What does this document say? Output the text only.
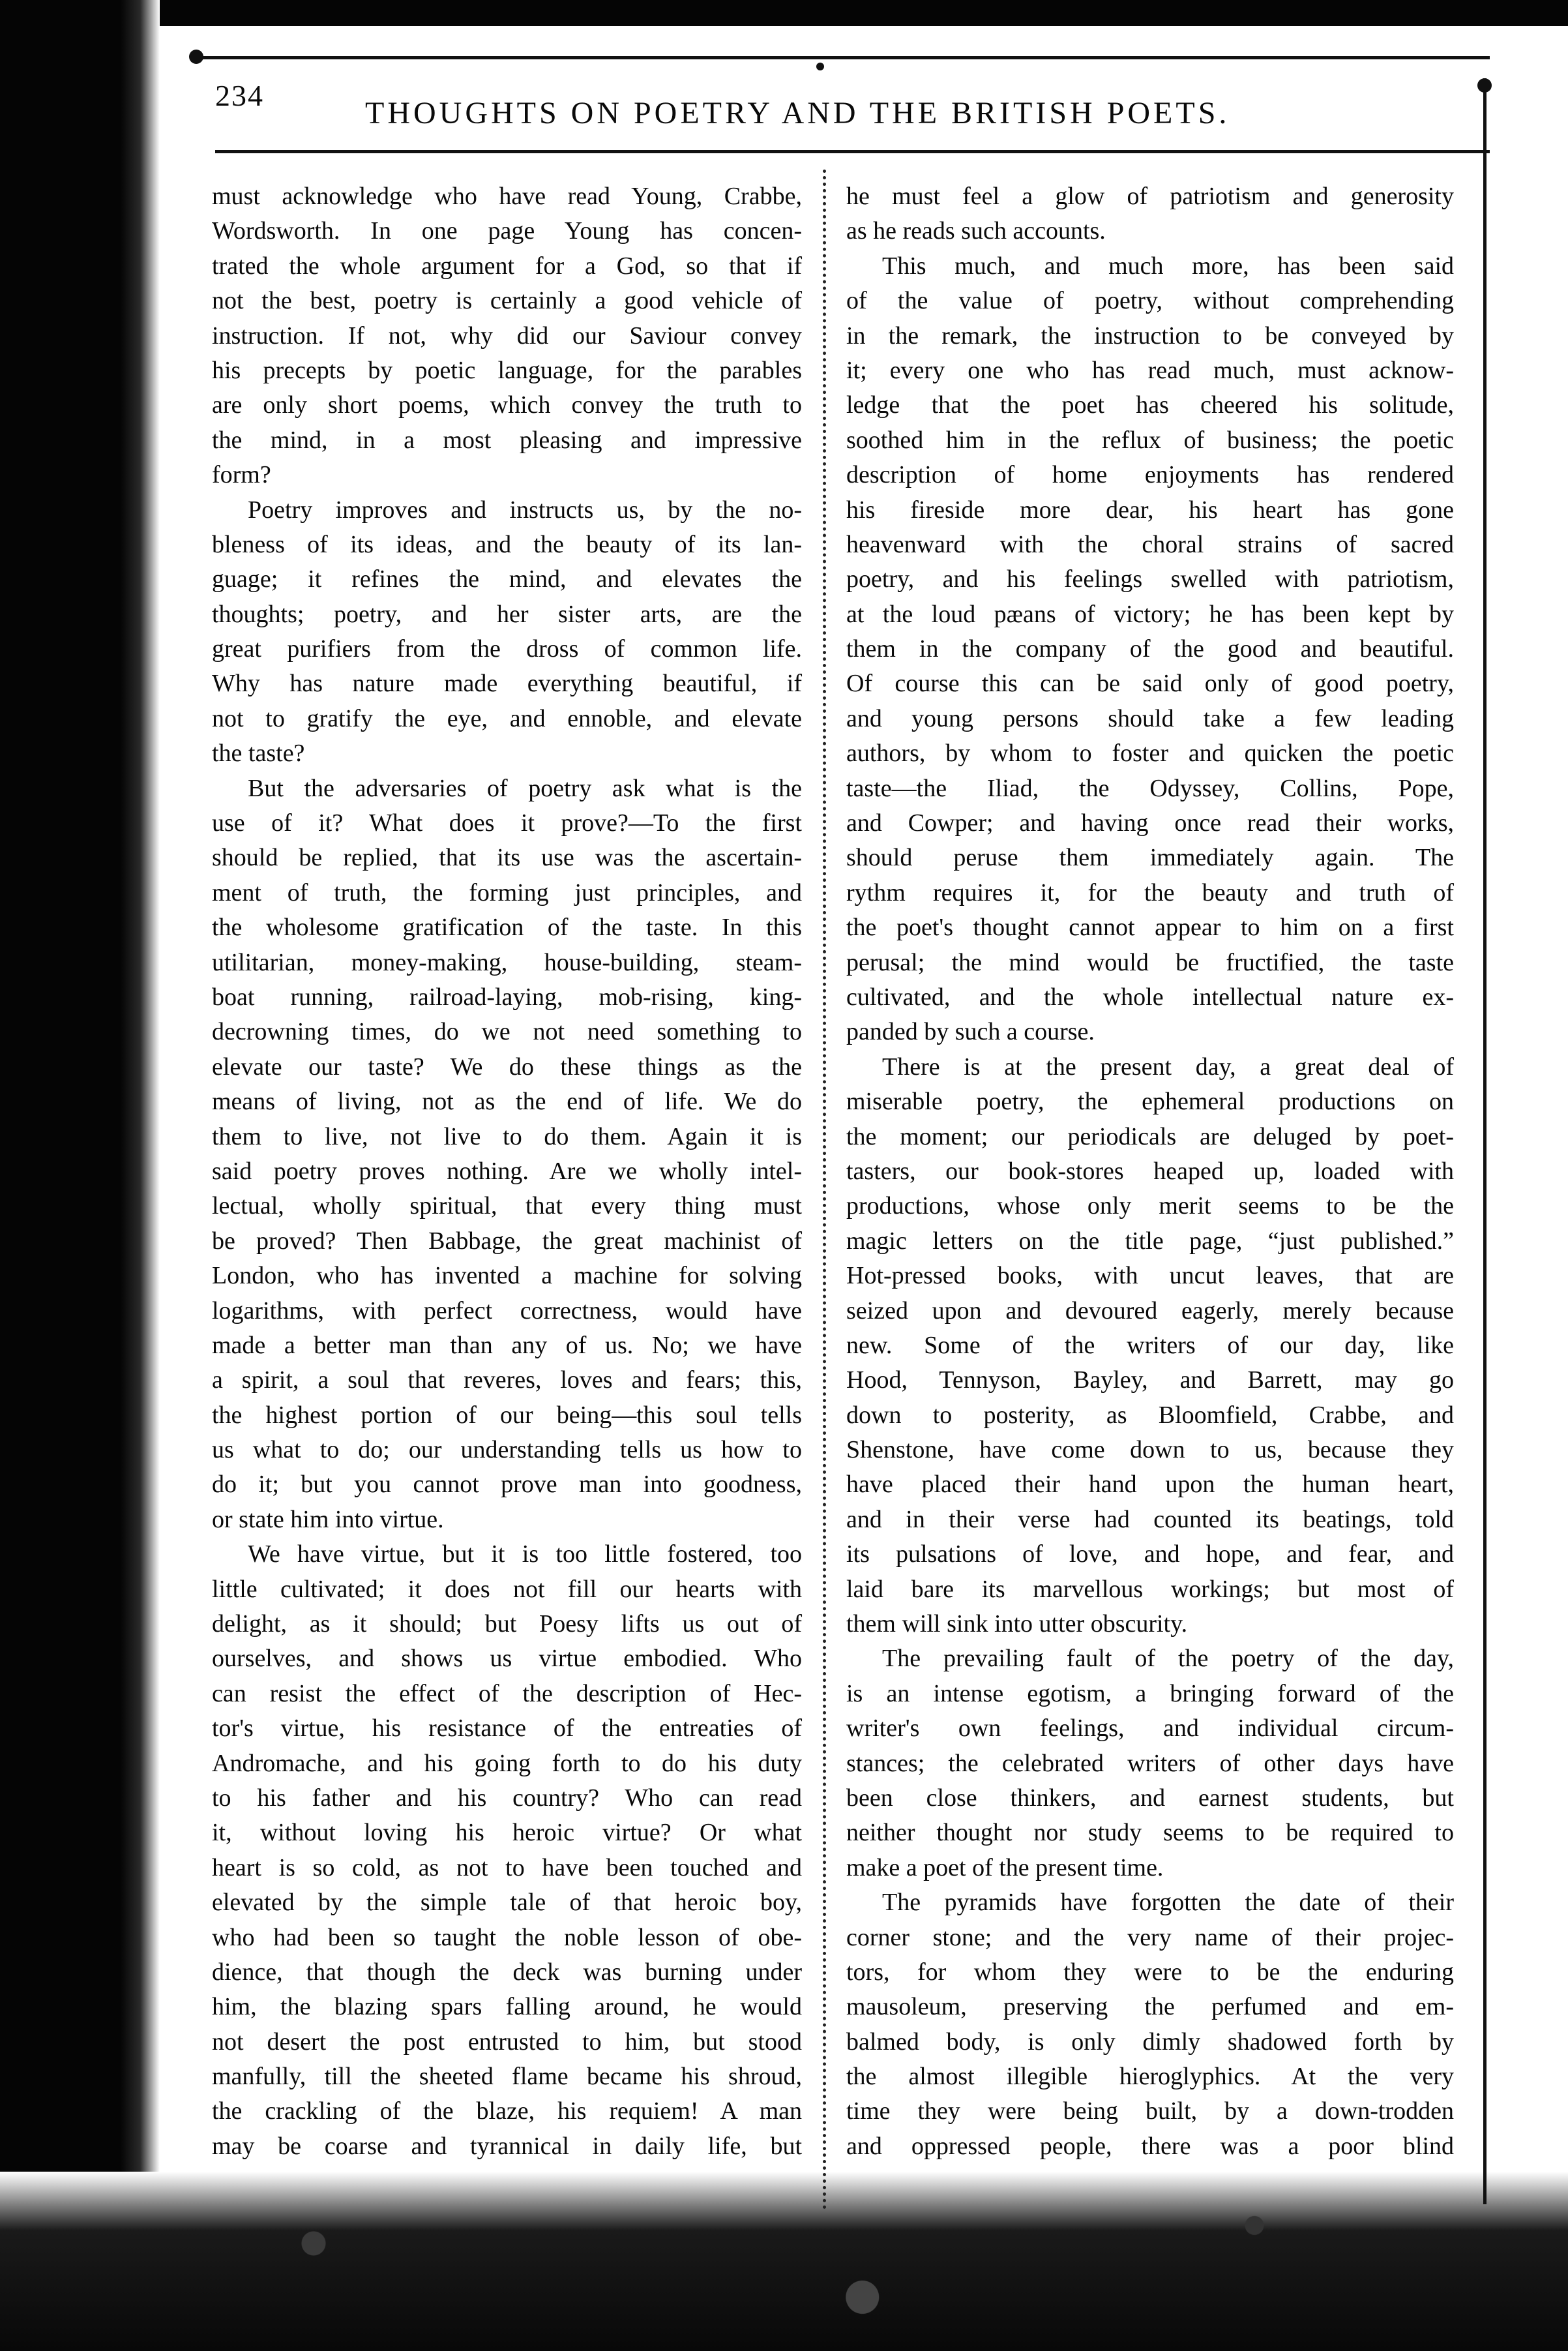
234
THOUGHTS ON POETRY AND THE BRITISH POETS.
must acknowledge who have read Young, Crabbe,
Wordsworth. In one page Young has concen-
trated the whole argument for a God, so that if
not the best, poetry is certainly a good vehicle of
instruction. If not, why did our Saviour convey
his precepts by poetic language, for the parables
are only short poems, which convey the truth to
the mind, in a most pleasing and impressive
form?
Poetry improves and instructs us, by the no-
bleness of its ideas, and the beauty of its lan-
guage; it refines the mind, and elevates the
thoughts; poetry, and her sister arts, are the
great purifiers from the dross of common life.
Why has nature made everything beautiful, if
not to gratify the eye, and ennoble, and elevate
the taste?
But the adversaries of poetry ask what is the
use of it? What does it prove?—To the first
should be replied, that its use was the ascertain-
ment of truth, the forming just principles, and
the wholesome gratification of the taste. In this
utilitarian, money-making, house-building, steam-
boat running, railroad-laying, mob-rising, king-
decrowning times, do we not need something to
elevate our taste? We do these things as the
means of living, not as the end of life. We do
them to live, not live to do them. Again it is
said poetry proves nothing. Are we wholly intel-
lectual, wholly spiritual, that every thing must
be proved? Then Babbage, the great machinist of
London, who has invented a machine for solving
logarithms, with perfect correctness, would have
made a better man than any of us. No; we have
a spirit, a soul that reveres, loves and fears; this,
the highest portion of our being—this soul tells
us what to do; our understanding tells us how to
do it; but you cannot prove man into goodness,
or state him into virtue.
We have virtue, but it is too little fostered, too
little cultivated; it does not fill our hearts with
delight, as it should; but Poesy lifts us out of
ourselves, and shows us virtue embodied. Who
can resist the effect of the description of Hec-
tor's virtue, his resistance of the entreaties of
Andromache, and his going forth to do his duty
to his father and his country? Who can read
it, without loving his heroic virtue? Or what
heart is so cold, as not to have been touched and
elevated by the simple tale of that heroic boy,
who had been so taught the noble lesson of obe-
dience, that though the deck was burning under
him, the blazing spars falling around, he would
not desert the post entrusted to him, but stood
manfully, till the sheeted flame became his shroud,
the crackling of the blaze, his requiem! A man
may be coarse and tyrannical in daily life, but
he must feel a glow of patriotism and generosity
as he reads such accounts.
This much, and much more, has been said
of the value of poetry, without comprehending
in the remark, the instruction to be conveyed by
it; every one who has read much, must acknow-
ledge that the poet has cheered his solitude,
soothed him in the reflux of business; the poetic
description of home enjoyments has rendered
his fireside more dear, his heart has gone
heavenward with the choral strains of sacred
poetry, and his feelings swelled with patriotism,
at the loud pæans of victory; he has been kept by
them in the company of the good and beautiful.
Of course this can be said only of good poetry,
and young persons should take a few leading
authors, by whom to foster and quicken the poetic
taste—the Iliad, the Odyssey, Collins, Pope,
and Cowper; and having once read their works,
should peruse them immediately again. The
rythm requires it, for the beauty and truth of
the poet's thought cannot appear to him on a first
perusal; the mind would be fructified, the taste
cultivated, and the whole intellectual nature ex-
panded by such a course.
There is at the present day, a great deal of
miserable poetry, the ephemeral productions on
the moment; our periodicals are deluged by poet-
tasters, our book-stores heaped up, loaded with
productions, whose only merit seems to be the
magic letters on the title page, “just published.”
Hot-pressed books, with uncut leaves, that are
seized upon and devoured eagerly, merely because
new. Some of the writers of our day, like
Hood, Tennyson, Bayley, and Barrett, may go
down to posterity, as Bloomfield, Crabbe, and
Shenstone, have come down to us, because they
have placed their hand upon the human heart,
and in their verse had counted its beatings, told
its pulsations of love, and hope, and fear, and
laid bare its marvellous workings; but most of
them will sink into utter obscurity.
The prevailing fault of the poetry of the day,
is an intense egotism, a bringing forward of the
writer's own feelings, and individual circum-
stances; the celebrated writers of other days have
been close thinkers, and earnest students, but
neither thought nor study seems to be required to
make a poet of the present time.
The pyramids have forgotten the date of their
corner stone; and the very name of their projec-
tors, for whom they were to be the enduring
mausoleum, preserving the perfumed and em-
balmed body, is only dimly shadowed forth by
the almost illegible hieroglyphics. At the very
time they were being built, by a down-trodden
and oppressed people, there was a poor blind
